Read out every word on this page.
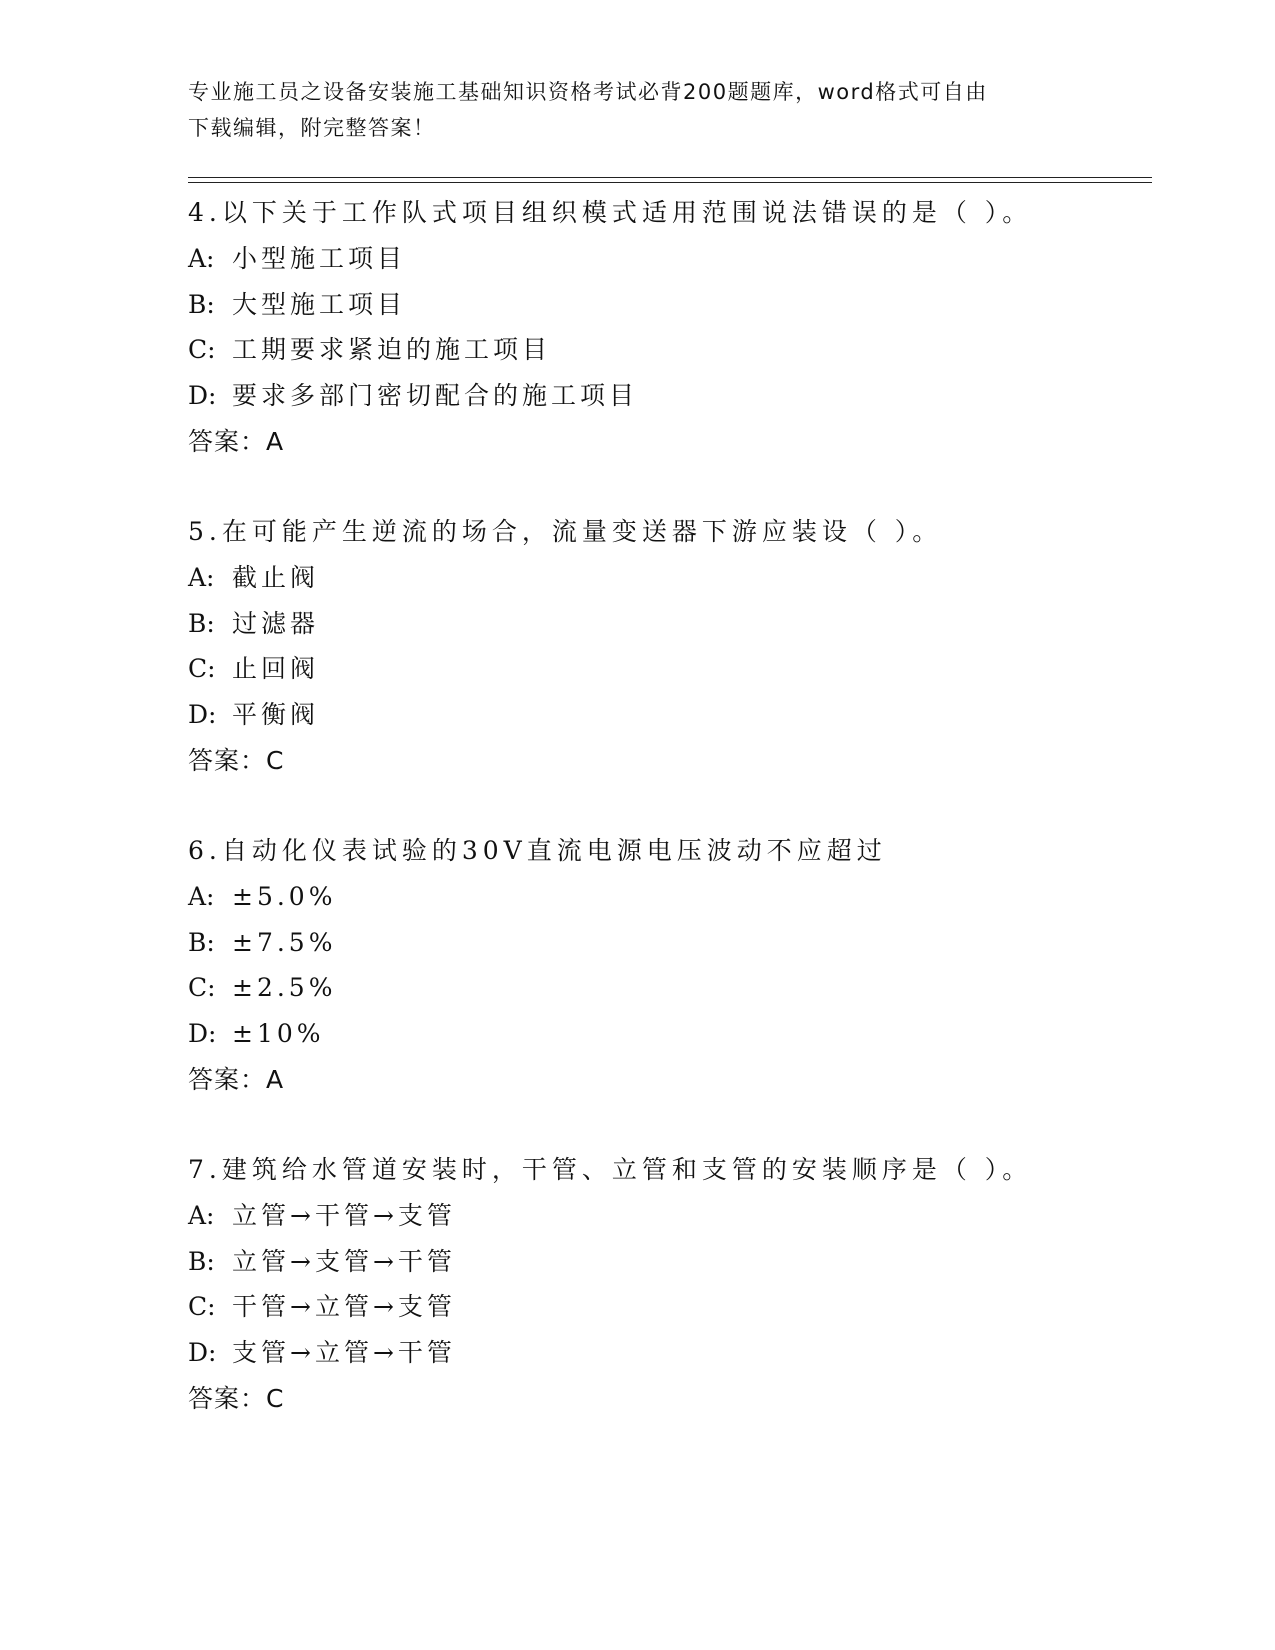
专业施工员之设备安装施工基础知识资格考试必背200题题库，word格式可自由
下载编辑，附完整答案！
4.以下关于工作队式项目组织模式适用范围说法错误的是（ ）。
A: 小型施工项目
B: 大型施工项目
C: 工期要求紧迫的施工项目
D: 要求多部门密切配合的施工项目
答案：A
5.在可能产生逆流的场合，流量变送器下游应装设（ ）。
A: 截止阀
B: 过滤器
C: 止回阀
D: 平衡阀
答案：C
6.自动化仪表试验的30V直流电源电压波动不应超过
A: ±5.0%
B: ±7.5%
C: ±2.5%
D: ±10%
答案：A
7.建筑给水管道安装时，干管、立管和支管的安装顺序是（ ）。
A: 立管→干管→支管
B: 立管→支管→干管
C: 干管→立管→支管
D: 支管→立管→干管
答案：C
